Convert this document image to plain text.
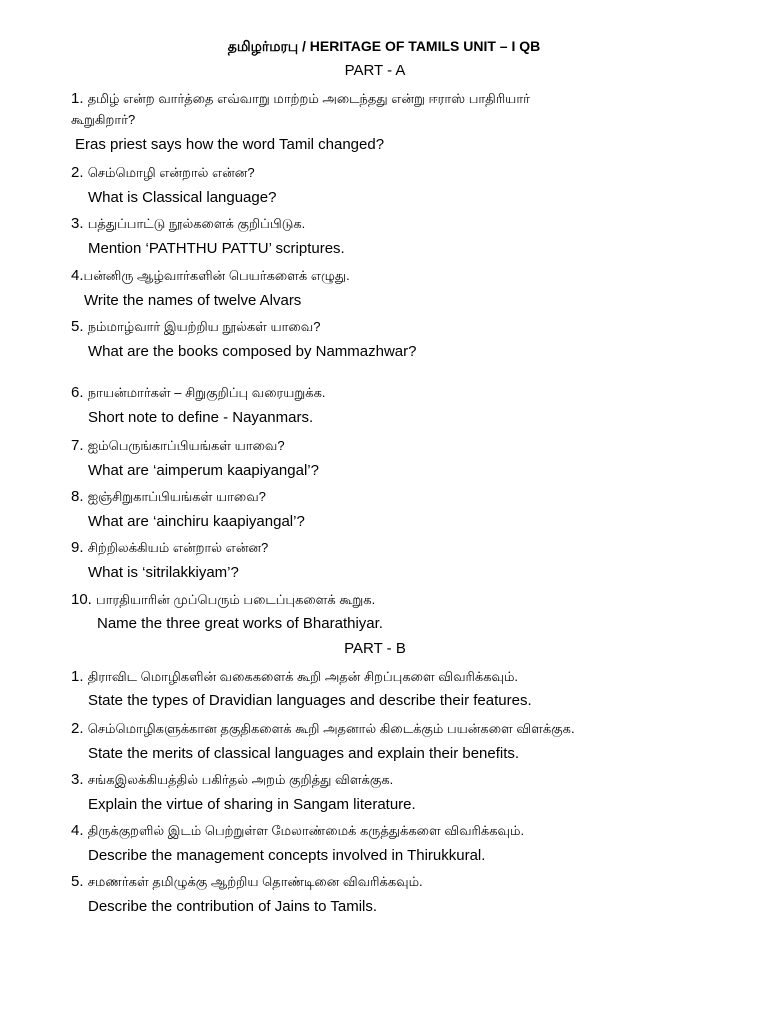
தமிழர்மரபு / HERITAGE OF TAMILS UNIT – I QB
PART - A
1. தமிழ் என்ற வார்த்தை எவ்வாறு மாற்றம் அடைந்தது என்று ஈராஸ் பாதிரியார்
கூறுகிறார்?
Eras priest says how the word Tamil changed?
2. செம்மொழி என்றால் என்ன?
What is Classical language?
3. பத்துப்பாட்டு நூல்களைக் குறிப்பிடுக.
Mention ‘PATHTHU PATTU’ scriptures.
4.பன்னிரு ஆழ்வார்களின் பெயர்களைக் எழுது.
Write the names of twelve Alvars
5. நம்மாழ்வார் இயற்றிய நூல்கள் யாவை?
What are the books composed by Nammazhwar?
6. நாயன்மார்கள் – சிறுகுறிப்பு வரையறுக்க.
Short note to define - Nayanmars.
7. ஐம்பெருங்காப்பியங்கள் யாவை?
What are ‘aimperum kaapiyangal’?
8. ஐஞ்சிறுகாப்பியங்கள் யாவை?
What are ‘ainchiru kaapiyangal’?
9. சிற்றிலக்கியம் என்றால் என்ன?
What is ‘sitrilakkiyam’?
10. பாரதியாரின் முப்பெரும் படைப்புகளைக் கூறுக.
Name the three great works of Bharathiyar.
PART - B
1. திராவிட மொழிகளின் வகைகளைக் கூறி அதன் சிறப்புகளை விவரிக்கவும்.
State the types of Dravidian languages and describe their features.
2. செம்மொழிகளுக்கான தகுதிகளைக் கூறி அதனால் கிடைக்கும் பயன்களை விளக்குக.
State the merits of classical languages and explain their benefits.
3. சங்கஇலக்கியத்தில் பகிர்தல் அறம் குறித்து விளக்குக.
Explain the virtue of sharing in Sangam literature.
4. திருக்குறளில் இடம் பெற்றுள்ள மேலாண்மைக் கருத்துக்களை விவரிக்கவும்.
Describe the management concepts involved in Thirukkural.
5. சமணர்கள் தமிழுக்கு ஆற்றிய தொண்டினை விவரிக்கவும்.
Describe the contribution of Jains to Tamils.
